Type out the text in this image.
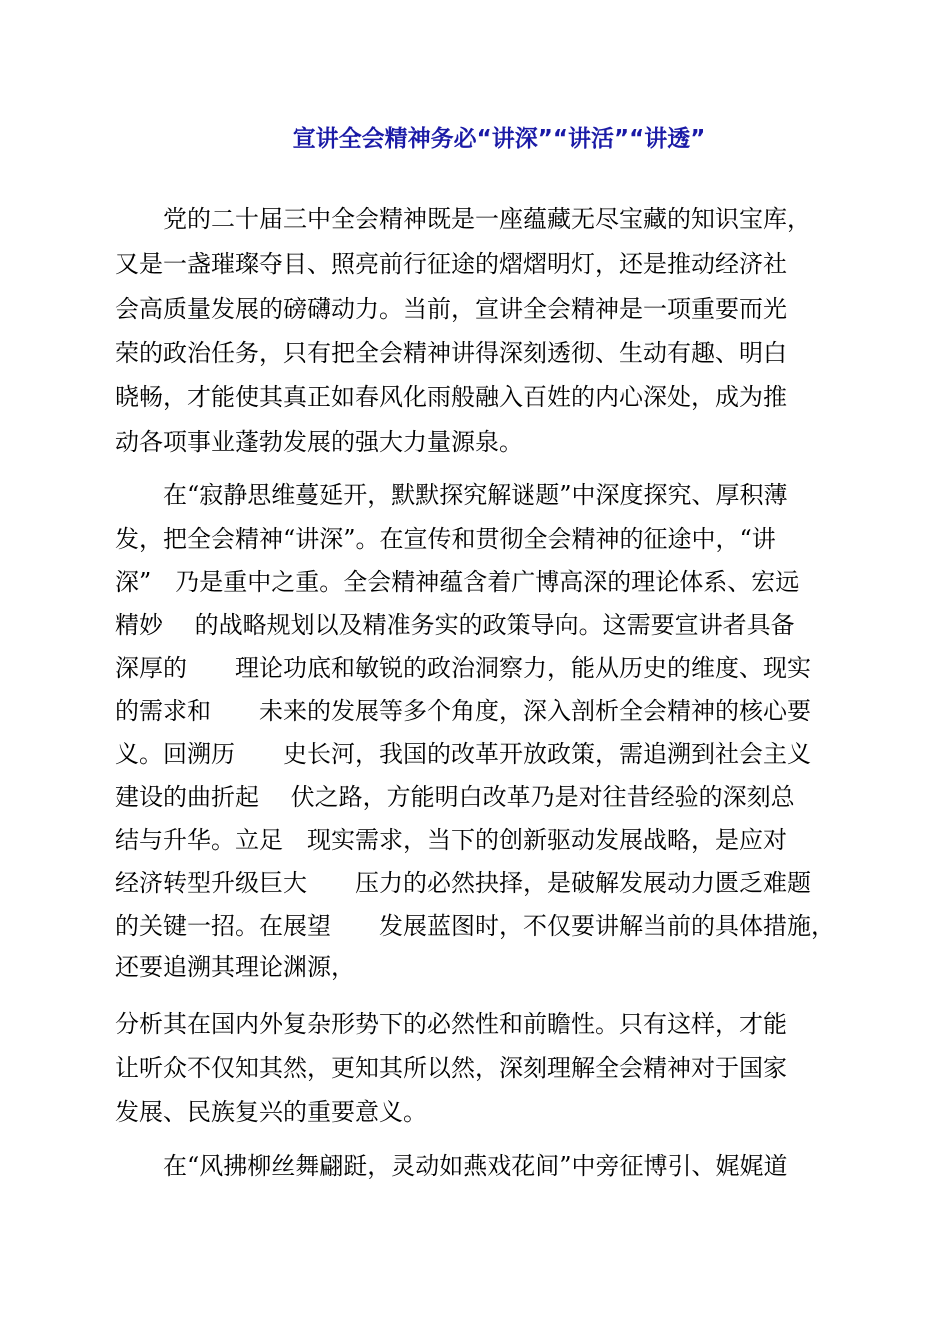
宣讲全会精神务必“讲深”“讲活”“讲透”
　　党的二十届三中全会精神既是一座蕴藏无尽宝藏的知识宝库，
又是一盏璀璨夺目、照亮前行征途的熠熠明灯，还是推动经济社
会高质量发展的磅礴动力。当前，宣讲全会精神是一项重要而光
荣的政治任务，只有把全会精神讲得深刻透彻、生动有趣、明白
晓畅，才能使其真正如春风化雨般融入百姓的内心深处，成为推
动各项事业蓬勃发展的强大力量源泉。
　　在“寂静思维蔓延开，默默探究解谜题”中深度探究、厚积薄
发，把全会精神“讲深”。在宣传和贯彻全会精神的征途中，“讲
深”　乃是重中之重。全会精神蕴含着广博高深的理论体系、宏远
精妙　 的战略规划以及精准务实的政策导向。这需要宣讲者具备
深厚的　　理论功底和敏锐的政治洞察力，能从历史的维度、现实
的需求和　　未来的发展等多个角度，深入剖析全会精神的核心要
义。回溯历　　史长河，我国的改革开放政策，需追溯到社会主义
建设的曲折起　 伏之路，方能明白改革乃是对往昔经验的深刻总
结与升华。立足　现实需求，当下的创新驱动发展战略，是应对
经济转型升级巨大　　压力的必然抉择，是破解发展动力匮乏难题
的关键一招。在展望　　发展蓝图时，不仅要讲解当前的具体措施，
还要追溯其理论渊源，
分析其在国内外复杂形势下的必然性和前瞻性。只有这样，才能
让听众不仅知其然，更知其所以然，深刻理解全会精神对于国家
发展、民族复兴的重要意义。
　　在“风拂柳丝舞翩跹，灵动如燕戏花间”中旁征博引、娓娓道
